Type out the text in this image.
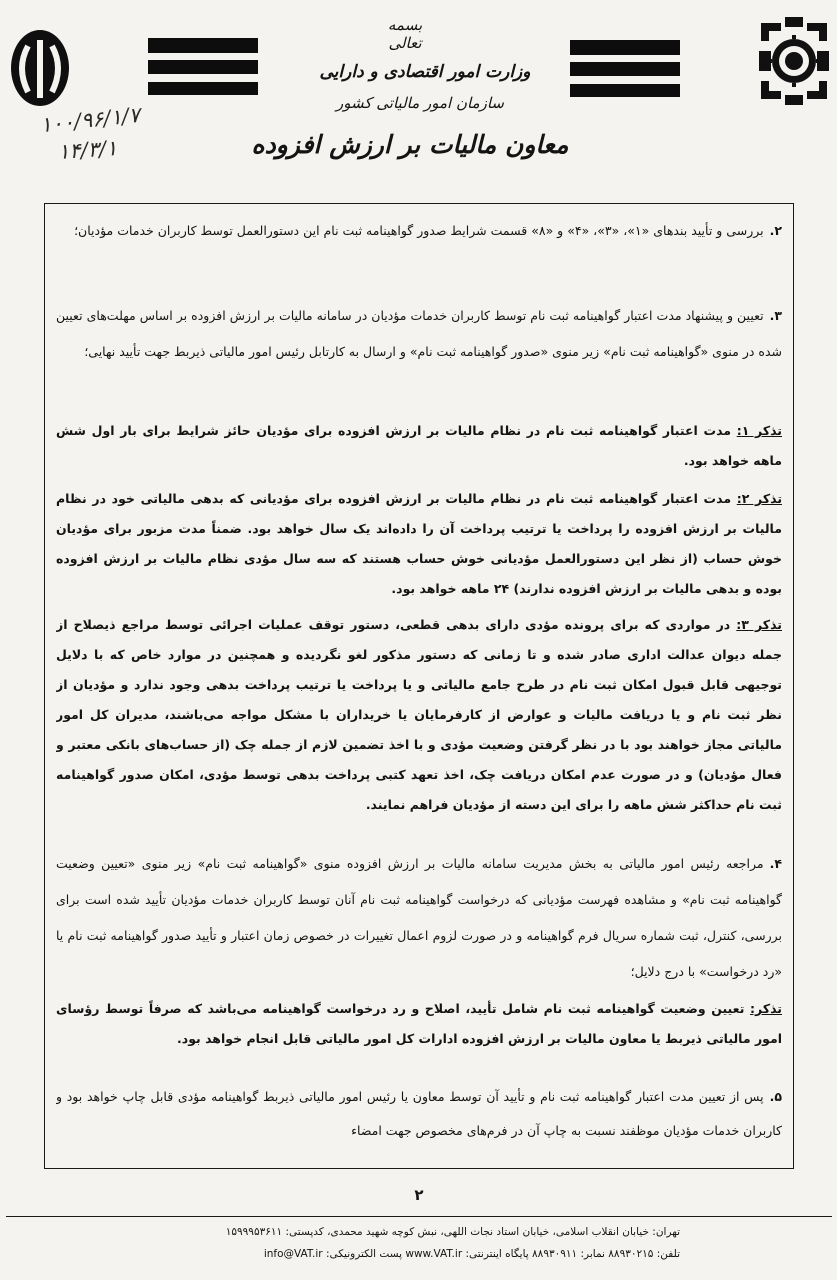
بسمه تعالی
وزارت امور اقتصادی و دارایی
سازمان امور مالیاتی کشور
معاون مالیات بر ارزش افزوده
۱۰۰/۹۶/۱/۷
۱۴/۳/۱
۲.بررسی و تأیید بندهای «۱»، «۳»، «۴» و «۸» قسمت شرایط صدور گواهینامه ثبت نام این دستورالعمل توسط کاربران خدمات مؤدیان؛
۳.تعیین و پیشنهاد مدت اعتبار گواهینامه ثبت نام توسط کاربران خدمات مؤدیان در سامانه مالیات بر ارزش افزوده بر اساس مهلت‌های تعیین شده در منوی «گواهینامه ثبت نام» زیر منوی «صدور گواهینامه ثبت نام» و ارسال به کارتابل رئیس امور مالیاتی ذیربط جهت تأیید نهایی؛
تذکر ۱: مدت اعتبار گواهینامه ثبت نام در نظام مالیات بر ارزش افزوده برای مؤدیان حائز شرایط برای بار اول شش ماهه خواهد بود.
تذکر ۲: مدت اعتبار گواهینامه ثبت نام در نظام مالیات بر ارزش افزوده برای مؤدیانی که بدهی مالیاتی خود در نظام مالیات بر ارزش افزوده را پرداخت یا ترتیب پرداخت آن را داده‌اند یک سال خواهد بود. ضمناً مدت مزبور برای مؤدیان خوش حساب (از نظر این دستورالعمل مؤدیانی خوش حساب هستند که سه سال مؤدی نظام مالیات بر ارزش افزوده بوده و بدهی مالیات بر ارزش افزوده ندارند) ۲۴ ماهه خواهد بود.
تذکر ۳: در مواردی که برای پرونده مؤدی دارای بدهی قطعی، دستور توقف عملیات اجرائی توسط مراجع ذیصلاح از جمله دیوان عدالت اداری صادر شده و تا زمانی که دستور مذکور لغو نگردیده و همچنین در موارد خاص که با دلایل توجیهی قابل قبول امکان ثبت نام در طرح جامع مالیاتی و یا پرداخت یا ترتیب پرداخت بدهی وجود ندارد و مؤدیان از نظر ثبت نام و یا دریافت مالیات و عوارض از کارفرمایان یا خریداران با مشکل مواجه می‌باشند، مدیران کل امور مالیاتی مجاز خواهند بود با در نظر گرفتن وضعیت مؤدی و با اخذ تضمین لازم از جمله چک (از حساب‌های بانکی معتبر و فعال مؤدیان) و در صورت عدم امکان دریافت چک، اخذ تعهد کتبی پرداخت بدهی توسط مؤدی، امکان صدور گواهینامه ثبت نام حداکثر شش ماهه را برای این دسته از مؤدیان فراهم نمایند.
۴.مراجعه رئیس امور مالیاتی به بخش مدیریت سامانه مالیات بر ارزش افزوده منوی «گواهینامه ثبت نام» زیر منوی «تعیین وضعیت گواهینامه ثبت نام» و مشاهده فهرست مؤدیانی که درخواست گواهینامه ثبت نام آنان توسط کاربران خدمات مؤدیان تأیید شده است برای بررسی، کنترل، ثبت شماره سریال فرم گواهینامه و در صورت لزوم اعمال تغییرات در خصوص زمان اعتبار و تأیید صدور گواهینامه ثبت نام یا «رد درخواست» با درج دلایل؛
تذکر: تعیین وضعیت گواهینامه ثبت نام شامل تأیید، اصلاح و رد درخواست گواهینامه می‌باشد که صرفاً توسط رؤسای امور مالیاتی ذیربط یا معاون مالیات بر ارزش افزوده ادارات کل امور مالیاتی قابل انجام خواهد بود.
۵.پس از تعیین مدت اعتبار گواهینامه ثبت نام و تأیید آن توسط معاون یا رئیس امور مالیاتی ذیربط گواهینامه مؤدی قابل چاپ خواهد بود و کاربران خدمات مؤدیان موظفند نسبت به چاپ آن در فرم‌های مخصوص جهت امضاء
۲
تهران: خیابان انقلاب اسلامی، خیابان استاد نجات اللهی، نبش کوچه شهید محمدی، کدپستی: ۱۵۹۹۹۵۳۶۱۱
تلفن: ۸۸۹۳۰۲۱۵ نمابر: ۸۸۹۳۰۹۱۱ پایگاه اینترنتی: www.VAT.ir پست الکترونیکی: info@VAT.ir
